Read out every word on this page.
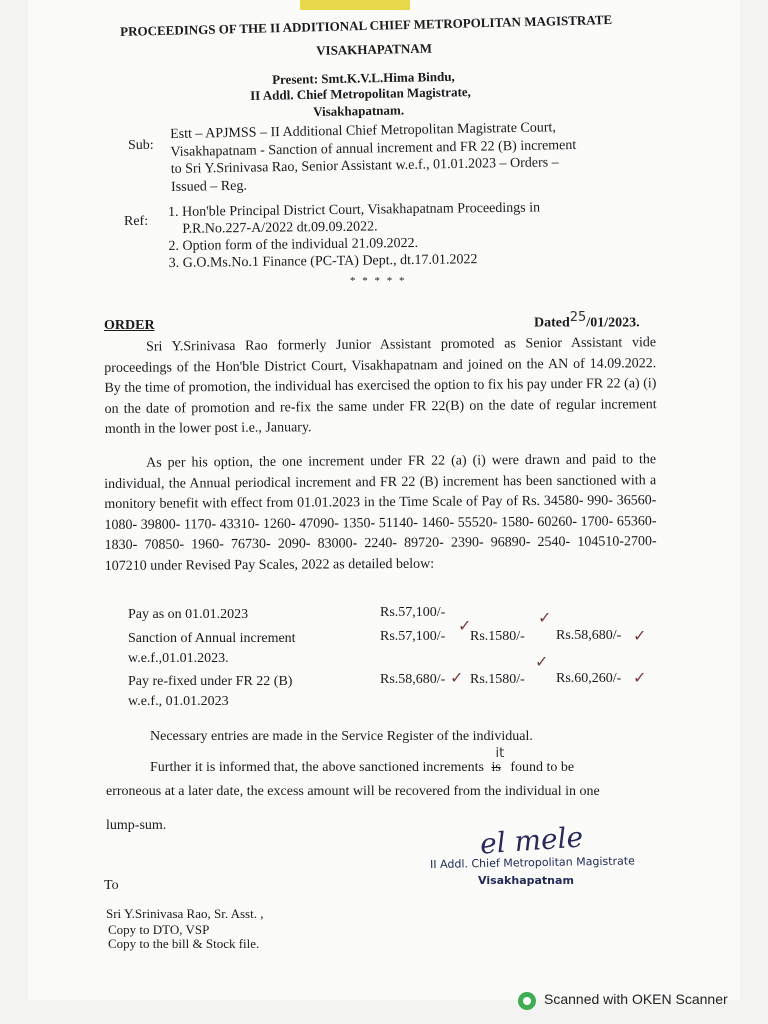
PROCEEDINGS OF THE II ADDITIONAL CHIEF METROPOLITAN MAGISTRATE
VISAKHAPATNAM
Present: Smt.K.V.L.Hima Bindu,
II Addl. Chief Metropolitan Magistrate,
Visakhapatnam.
Sub:
Estt – APJMSS – II Additional Chief Metropolitan Magistrate Court,
Visakhapatnam - Sanction of annual increment and FR 22 (B) increment
to Sri Y.Srinivasa Rao, Senior Assistant w.e.f., 01.01.2023 – Orders –
Issued – Reg.
Ref:
1. Hon'ble Principal District Court, Visakhapatnam Proceedings in
P.R.No.227-A/2022 dt.09.09.2022.
2. Option form of the individual 21.09.2022.
3. G.O.Ms.No.1 Finance (PC-TA) Dept., dt.17.01.2022
* * * * *
ORDER	Dated$^{25}$/01/2023.
Sri Y.Srinivasa Rao formerly Junior Assistant promoted as Senior Assistant vide proceedings of the Hon'ble District Court, Visakhapatnam and joined on the AN of 14.09.2022. By the time of promotion, the individual has exercised the option to fix his pay under FR 22 (a) (i) on the date of promotion and re-fix the same under FR 22(B) on the date of regular increment month in the lower post i.e., January.
As per his option, the one increment under FR 22 (a) (i) were drawn and paid to the individual, the Annual periodical increment and FR 22 (B) increment has been sanctioned with a monitory benefit with effect from 01.01.2023 in the Time Scale of Pay of Rs. 34580- 990- 36560- 1080- 39800- 1170- 43310- 1260- 47090- 1350- 51140- 1460- 55520- 1580- 60260- 1700- 65360- 1830- 70850- 1960- 76730- 2090- 83000- 2240- 89720- 2390- 96890- 2540- 104510-2700-107210 under Revised Pay Scales, 2022 as detailed below:
Pay as on 01.01.2023	Rs.57,100/-
Sanction of Annual increment
w.e.f.,01.01.2023.
Rs.57,100/- Rs.1580/- Rs.58,680/-
Pay re-fixed under FR 22 (B)
w.e.f., 01.01.2023
Rs.58,680/- Rs.1580/- Rs.60,260/-
✓	✓
✓
✓
✓	✓
Necessary entries are made in the Service Register of the individual.
Further it is informed that, the above sanctioned increments is
it
found to be
erroneous at a later date, the excess amount will be recovered from the individual in one
lump-sum.	el mele
II Addl. Chief Metropolitan Magistrate
Visakhapatnam
To
Sri Y.Srinivasa Rao, Sr. Asst. ,
Copy to DTO, VSP
Copy to the bill & Stock file.
Scanned with OKEN Scanner
